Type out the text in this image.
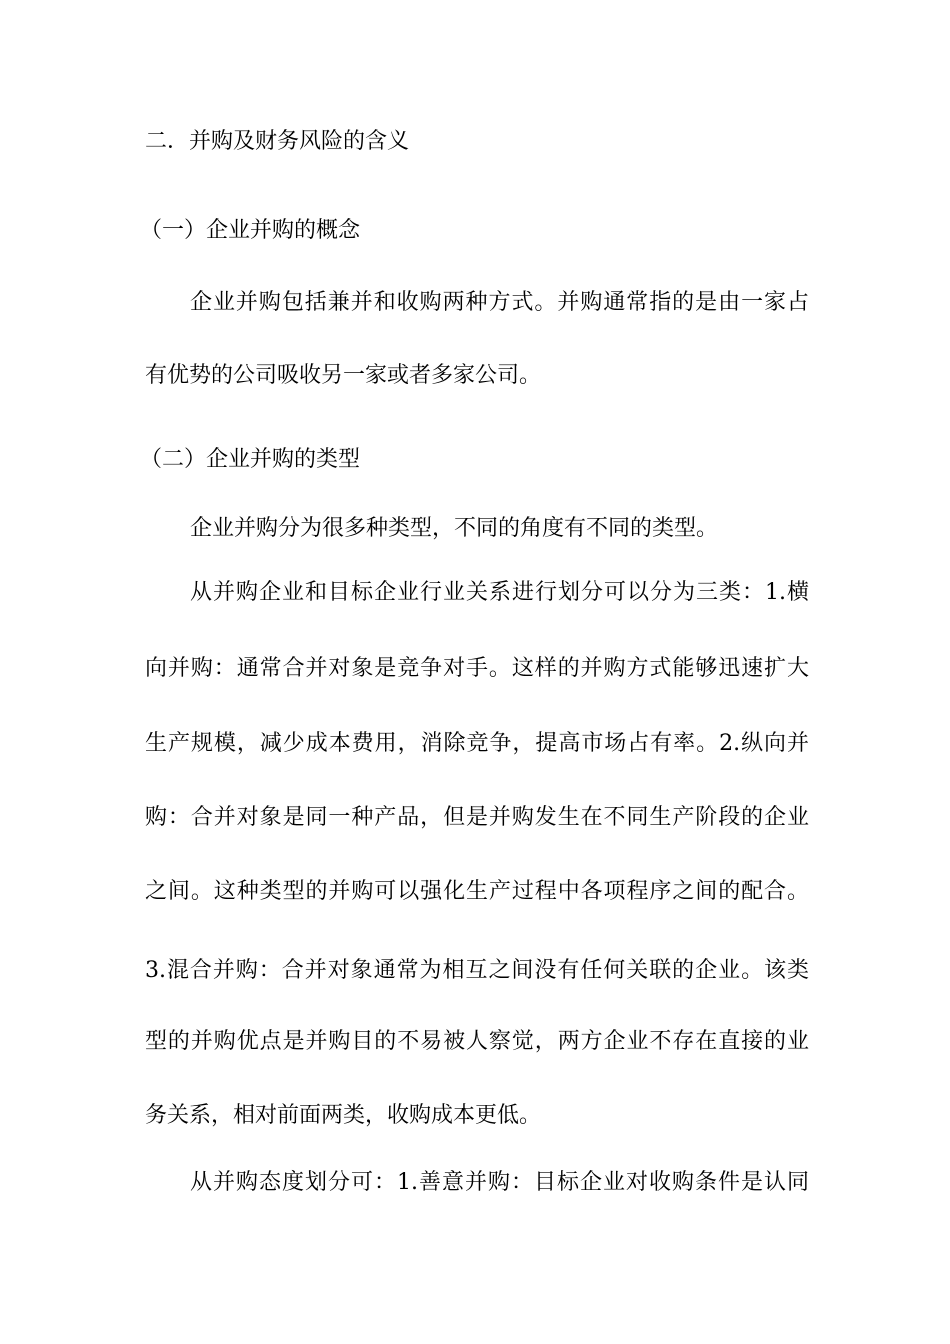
二．并购及财务风险的含义
（一）企业并购的概念
企业并购包括兼并和收购两种方式。并购通常指的是由一家占
有优势的公司吸收另一家或者多家公司。
（二）企业并购的类型
企业并购分为很多种类型，不同的角度有不同的类型。
从并购企业和目标企业行业关系进行划分可以分为三类：1.横
向并购：通常合并对象是竞争对手。这样的并购方式能够迅速扩大
生产规模，减少成本费用，消除竞争，提高市场占有率。2.纵向并
购：合并对象是同一种产品，但是并购发生在不同生产阶段的企业
之间。这种类型的并购可以强化生产过程中各项程序之间的配合。
3.混合并购：合并对象通常为相互之间没有任何关联的企业。该类
型的并购优点是并购目的不易被人察觉，两方企业不存在直接的业
务关系，相对前面两类，收购成本更低。
从并购态度划分可：1.善意并购：目标企业对收购条件是认同
